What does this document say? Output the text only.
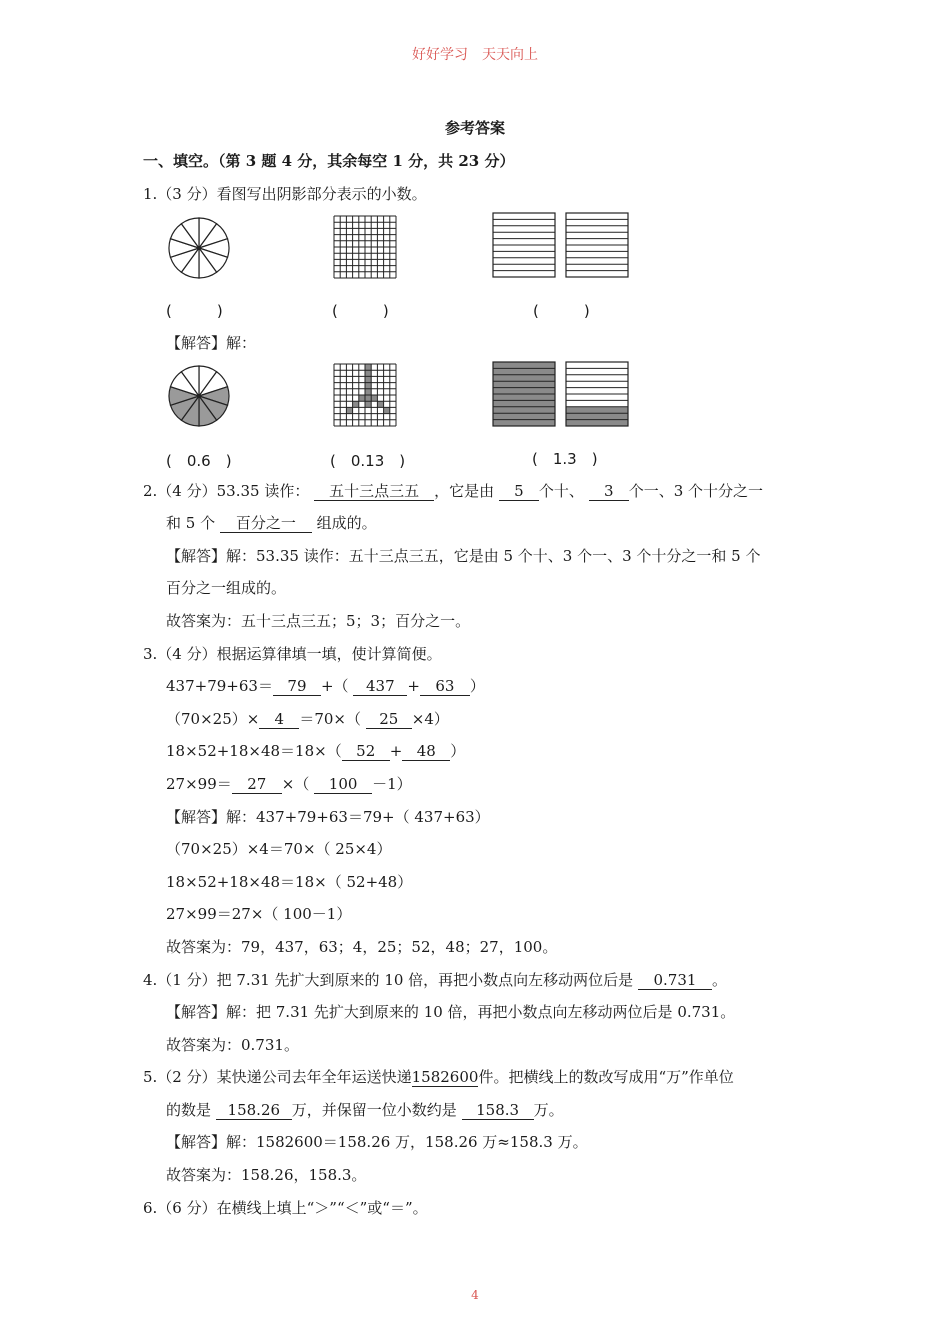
好好学习　天天向上
参考答案
一、填空。（第 3 题 4 分，其余每空 1 分，共 23 分）
1.（3 分）看图写出阴影部分表示的小数。
(　　　)	(　　　)	(　　　)
【解答】解：
(　0.6　)	(　0.13　)	(　1.3　)
2.（4 分）53.35 读作： 五十三点三五 ，它是由 5 个十、 3 个一、3 个十分之一
和 5 个 百分之一 组成的。
【解答】解：53.35 读作：五十三点三五，它是由 5 个十、3 个一、3 个十分之一和 5 个
百分之一组成的。
故答案为：五十三点三五；5；3；百分之一。
3.（4 分）根据运算律填一填，使计算简便。
437+79+63＝ 79 +（ 437 + 63 ）
（70×25）× 4 ＝70×（ 25 ×4）
18×52+18×48＝18×（ 52 + 48 ）
27×99＝ 27 ×（ 100 －1）
【解答】解：437+79+63＝79+（ 437+63）
（70×25）×4＝70×（ 25×4）
18×52+18×48＝18×（ 52+48）
27×99＝27×（ 100－1）
故答案为：79，437，63；4，25；52，48；27，100。
4.（1 分）把 7.31 先扩大到原来的 10 倍，再把小数点向左移动两位后是 0.731 。
【解答】解：把 7.31 先扩大到原来的 10 倍，再把小数点向左移动两位后是 0.731。
故答案为：0.731。
5.（2 分）某快递公司去年全年运送快递1582600件。把横线上的数改写成用“万”作单位
的数是 158.26 万，并保留一位小数约是 158.3 万。
【解答】解：1582600＝158.26 万，158.26 万≈158.3 万。
故答案为：158.26，158.3。
6.（6 分）在横线上填上“＞”“＜”或“＝”。
4
